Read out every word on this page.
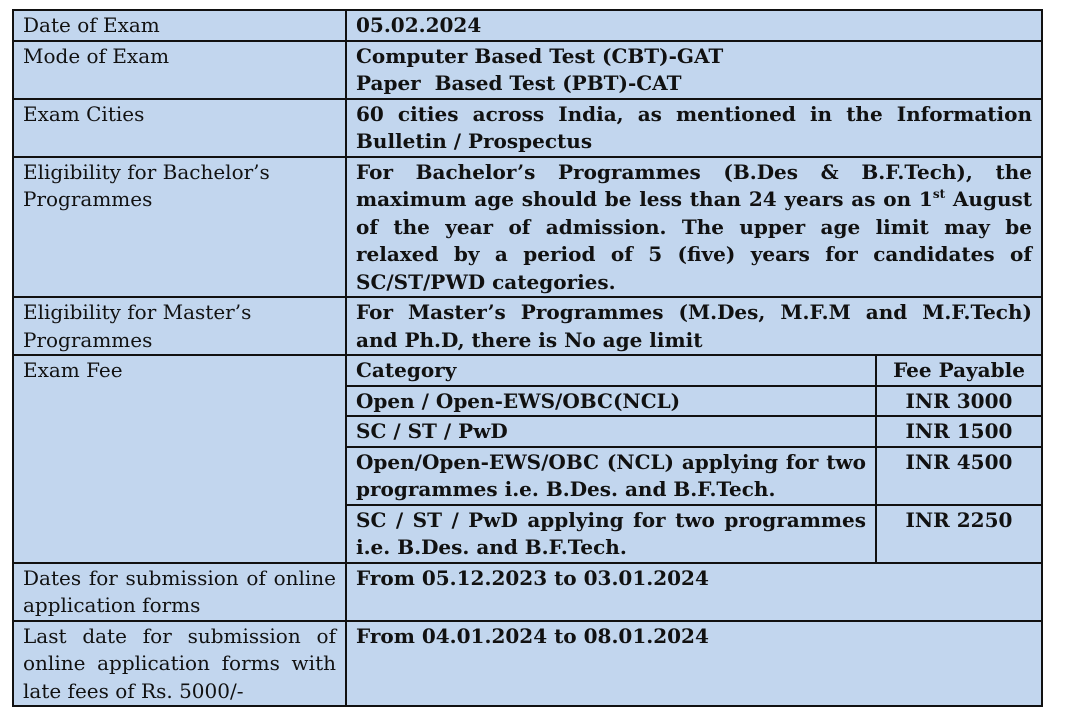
Date of Exam	05.02.2024
Mode of Exam	Computer Based Test (CBT)-GAT
Paper  Based Test (PBT)-CAT

Exam Cities	60 cities across India, as mentioned in the Information Bulletin / Prospectus
Eligibility for Bachelor’s Programmes	For Bachelor’s Programmes (B.Des & B.F.Tech), the maximum age should be less than 24 years as on 1st August of the year of admission. The upper age limit may be relaxed by a period of 5 (five) years for candidates of SC/ST/PWD categories.
Eligibility for Master’s Programmes	For Master’s Programmes (M.Des, M.F.M and M.F.Tech) and Ph.D, there is No age limit
Exam Fee		Category	Fee Payable
Open / Open-EWS/OBC(NCL)	INR 3000
SC / ST / PwD	INR 1500
Open/Open-EWS/OBC (NCL) applying for two programmes i.e. B.Des. and B.F.Tech.	INR 4500
SC / ST / PwD applying for two programmes i.e. B.Des. and B.F.Tech.	INR 2250

Dates for submission of online application forms	From 05.12.2023 to 03.01.2024
Last date for submission of online application forms with late fees of Rs. 5000/-	From 04.01.2024 to 08.01.2024
